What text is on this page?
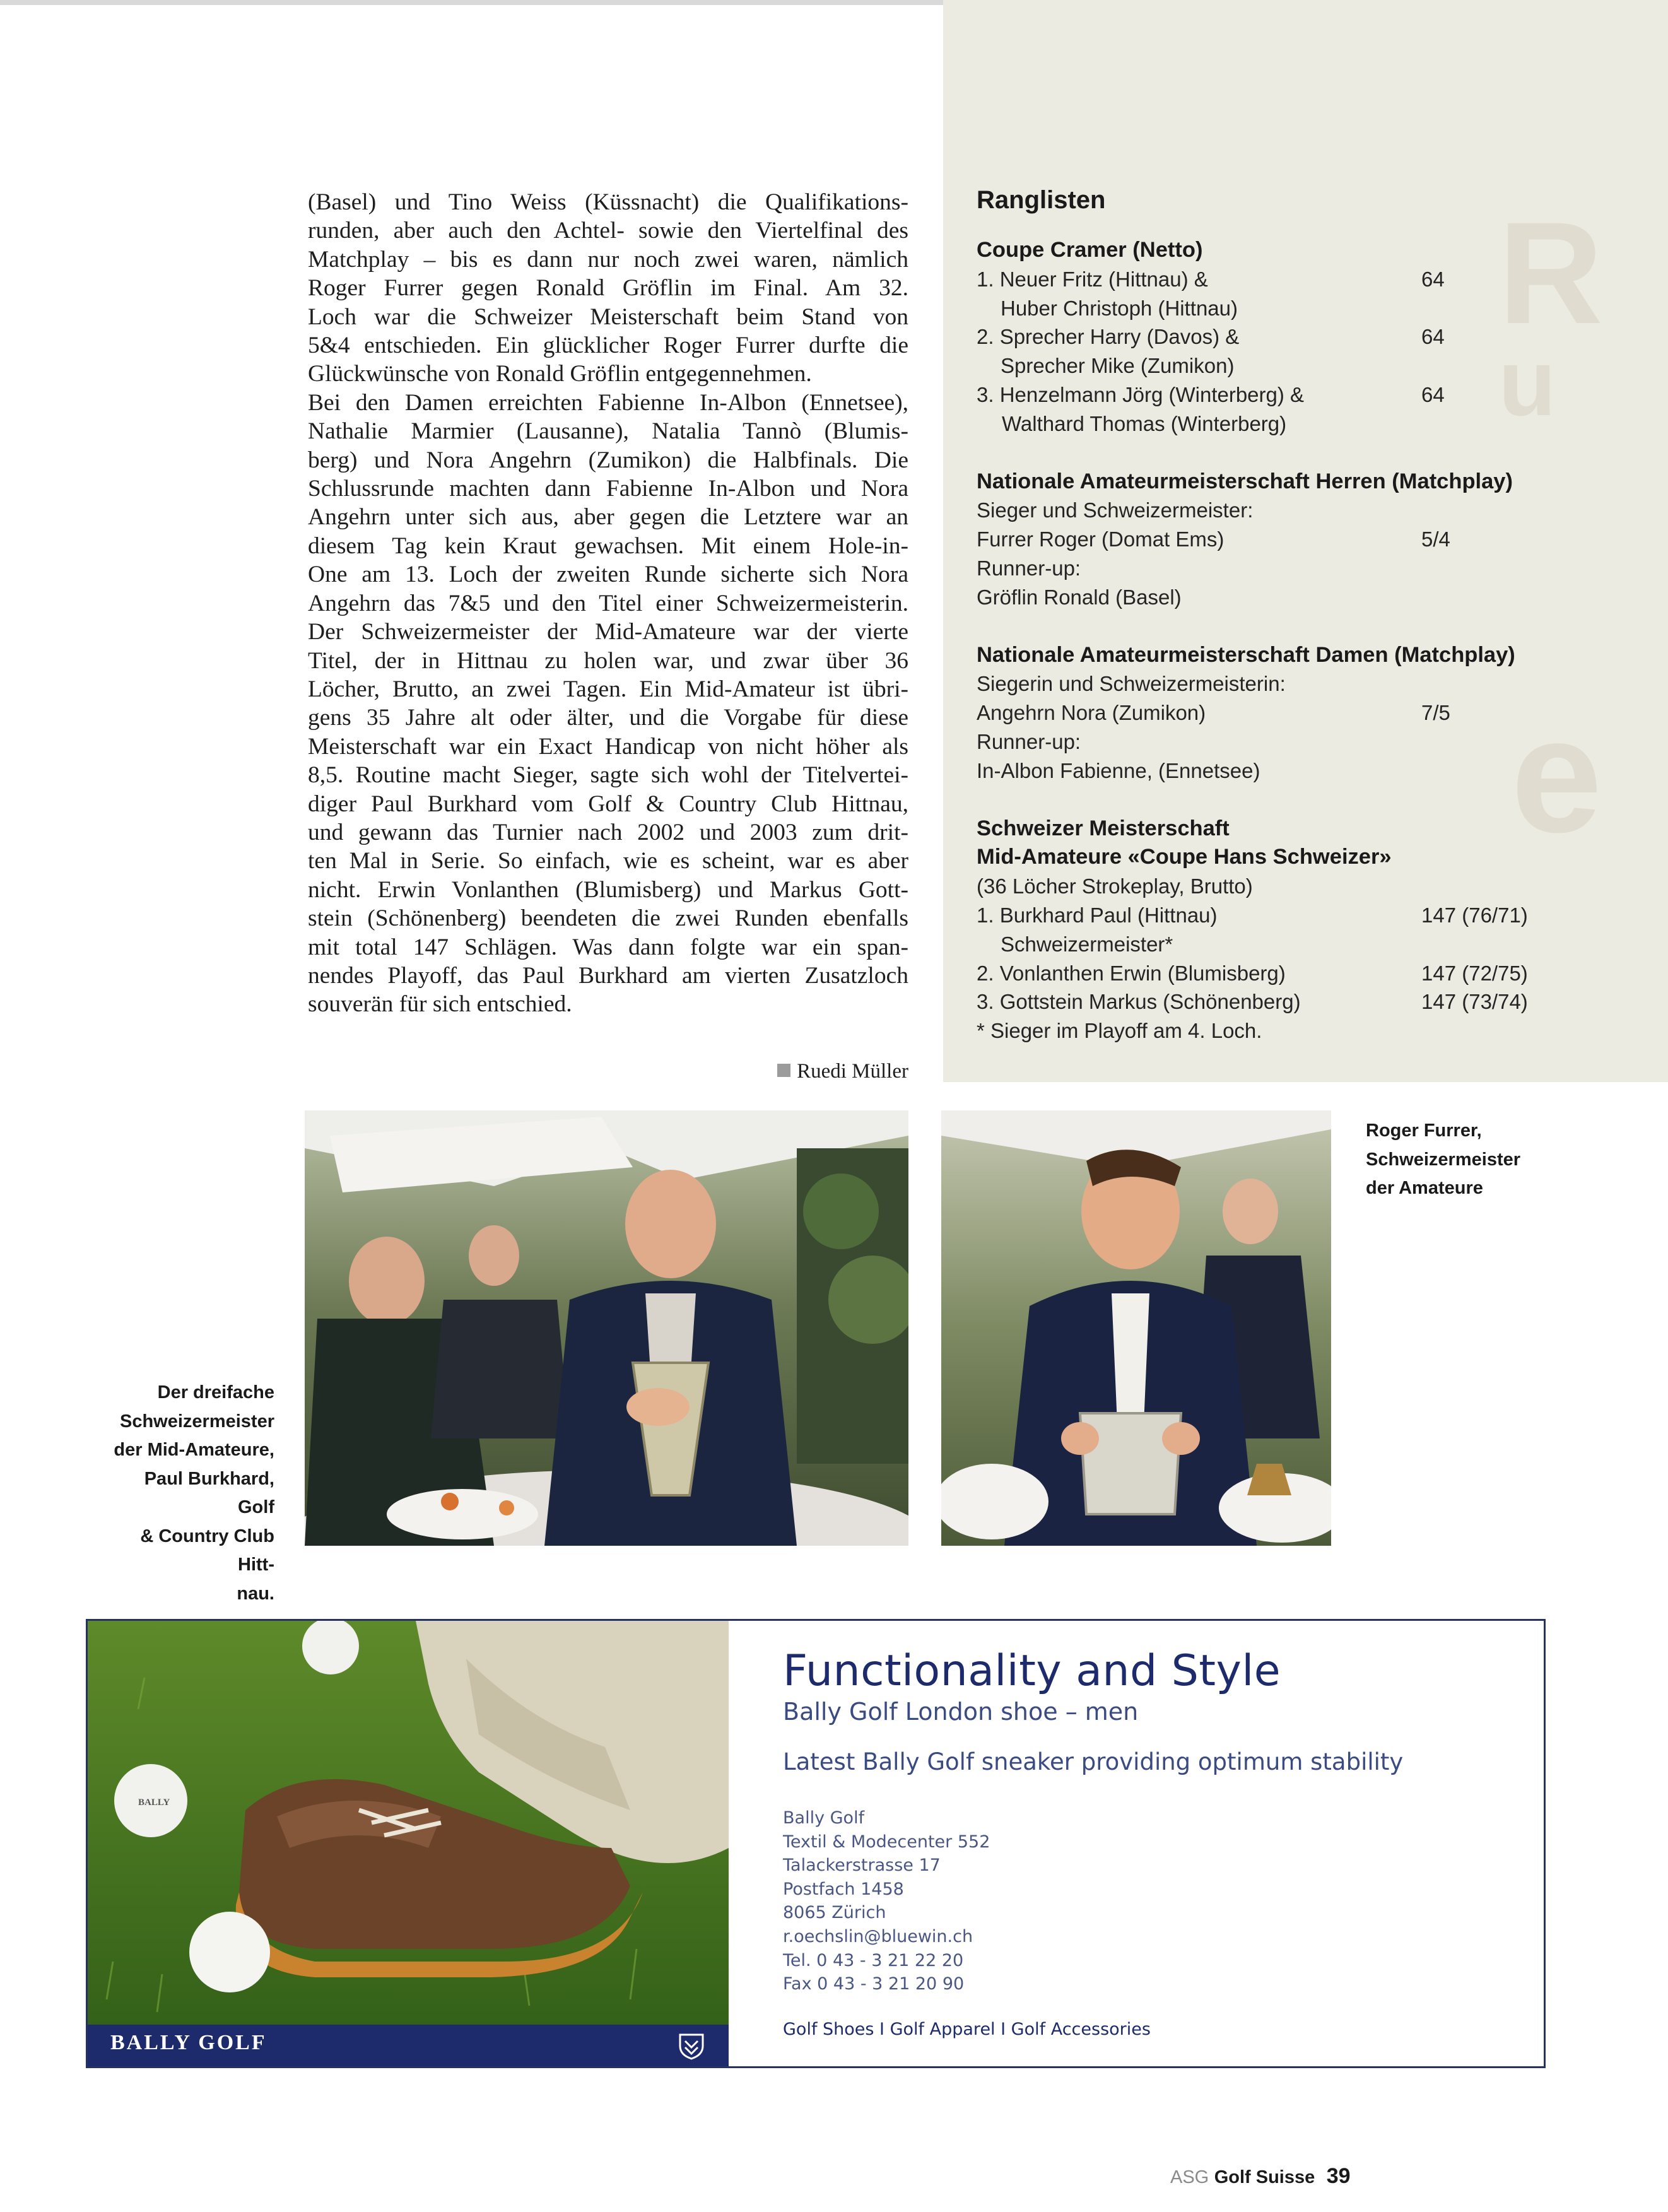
R
u
e

(Basel) und Tino Weiss (Küssnacht) die Qualifikations-

runden, aber auch den Achtel- sowie den Viertelfinal des

Matchplay – bis es dann nur noch zwei waren, nämlich

Roger Furrer gegen Ronald Gröflin im Final. Am 32.

Loch war die Schweizer Meisterschaft beim Stand von

5&4 entschieden. Ein glücklicher Roger Furrer durfte die

Glückwünsche von Ronald Gröflin entgegennehmen.

Bei den Damen erreichten Fabienne In-Albon (Ennetsee),

Nathalie Marmier (Lausanne), Natalia Tannò (Blumis-

berg) und Nora Angehrn (Zumikon) die Halbfinals. Die

Schlussrunde machten dann Fabienne In-Albon und Nora

Angehrn unter sich aus, aber gegen die Letztere war an

diesem Tag kein Kraut gewachsen. Mit einem Hole-in-

One am 13. Loch der zweiten Runde sicherte sich Nora

Angehrn das 7&5 und den Titel einer Schweizermeisterin.

Der Schweizermeister der Mid-Amateure war der vierte

Titel, der in Hittnau zu holen war, und zwar über 36

Löcher, Brutto, an zwei Tagen. Ein Mid-Amateur ist übri-

gens 35 Jahre alt oder älter, und die Vorgabe für diese

Meisterschaft war ein Exact Handicap von nicht höher als

8,5. Routine macht Sieger, sagte sich wohl der Titelvertei-

diger Paul Burkhard vom Golf & Country Club Hittnau,

und gewann das Turnier nach 2002 und 2003 zum drit-

ten Mal in Serie. So einfach, wie es scheint, war es aber

nicht. Erwin Vonlanthen (Blumisberg) und Markus Gott-

stein (Schönenberg) beendeten die zwei Runden ebenfalls

mit total 147 Schlägen. Was dann folgte war ein span-

nendes Playoff, das Paul Burkhard am vierten Zusatzloch

souverän für sich entschied.

Ruedi Müller
Ranglisten
Coupe Cramer (Netto)
1. Neuer Fritz (Hittnau) &	64
Huber Christoph (Hittnau)
2. Sprecher Harry (Davos) &	64
Sprecher Mike (Zumikon)
3. Henzelmann Jörg (Winterberg) &	64
Walthard Thomas (Winterberg)
Nationale Amateurmeisterschaft Herren (Matchplay)
Sieger und Schweizermeister:
Furrer Roger (Domat Ems)	5/4
Runner-up:
Gröflin Ronald (Basel)
Nationale Amateurmeisterschaft Damen (Matchplay)
Siegerin und Schweizermeisterin:
Angehrn Nora (Zumikon)	7/5
Runner-up:
In-Albon Fabienne, (Ennetsee)
Schweizer Meisterschaft
Mid-Amateure «Coupe Hans Schweizer»
(36 Löcher Strokeplay, Brutto)
1. Burkhard Paul (Hittnau)	147 (76/71)
Schweizermeister*
2. Vonlanthen Erwin (Blumisberg)	147 (72/75)
3. Gottstein Markus (Schönenberg)	147 (73/74)
* Sieger im Playoff am 4. Loch.
Der dreifache
Schweizermeister
der Mid-Amateure,
Paul Burkhard, Golf
& Country Club Hitt-
nau.
Roger Furrer,
Schweizermeister
der Amateure
BALLY
BALLY GOLF
Functionality and Style
Bally Golf London shoe – men
Latest Bally Golf sneaker providing optimum stability
Bally Golf
Textil & Modecenter 552
Talackerstrasse 17
Postfach 1458
8065 Zürich
r.oechslin@bluewin.ch
Tel. 0 43 - 3 21 22 20
Fax 0 43 - 3 21 20 90
Golf Shoes I Golf Apparel I Golf Accessories
ASG Golf Suisse 39
